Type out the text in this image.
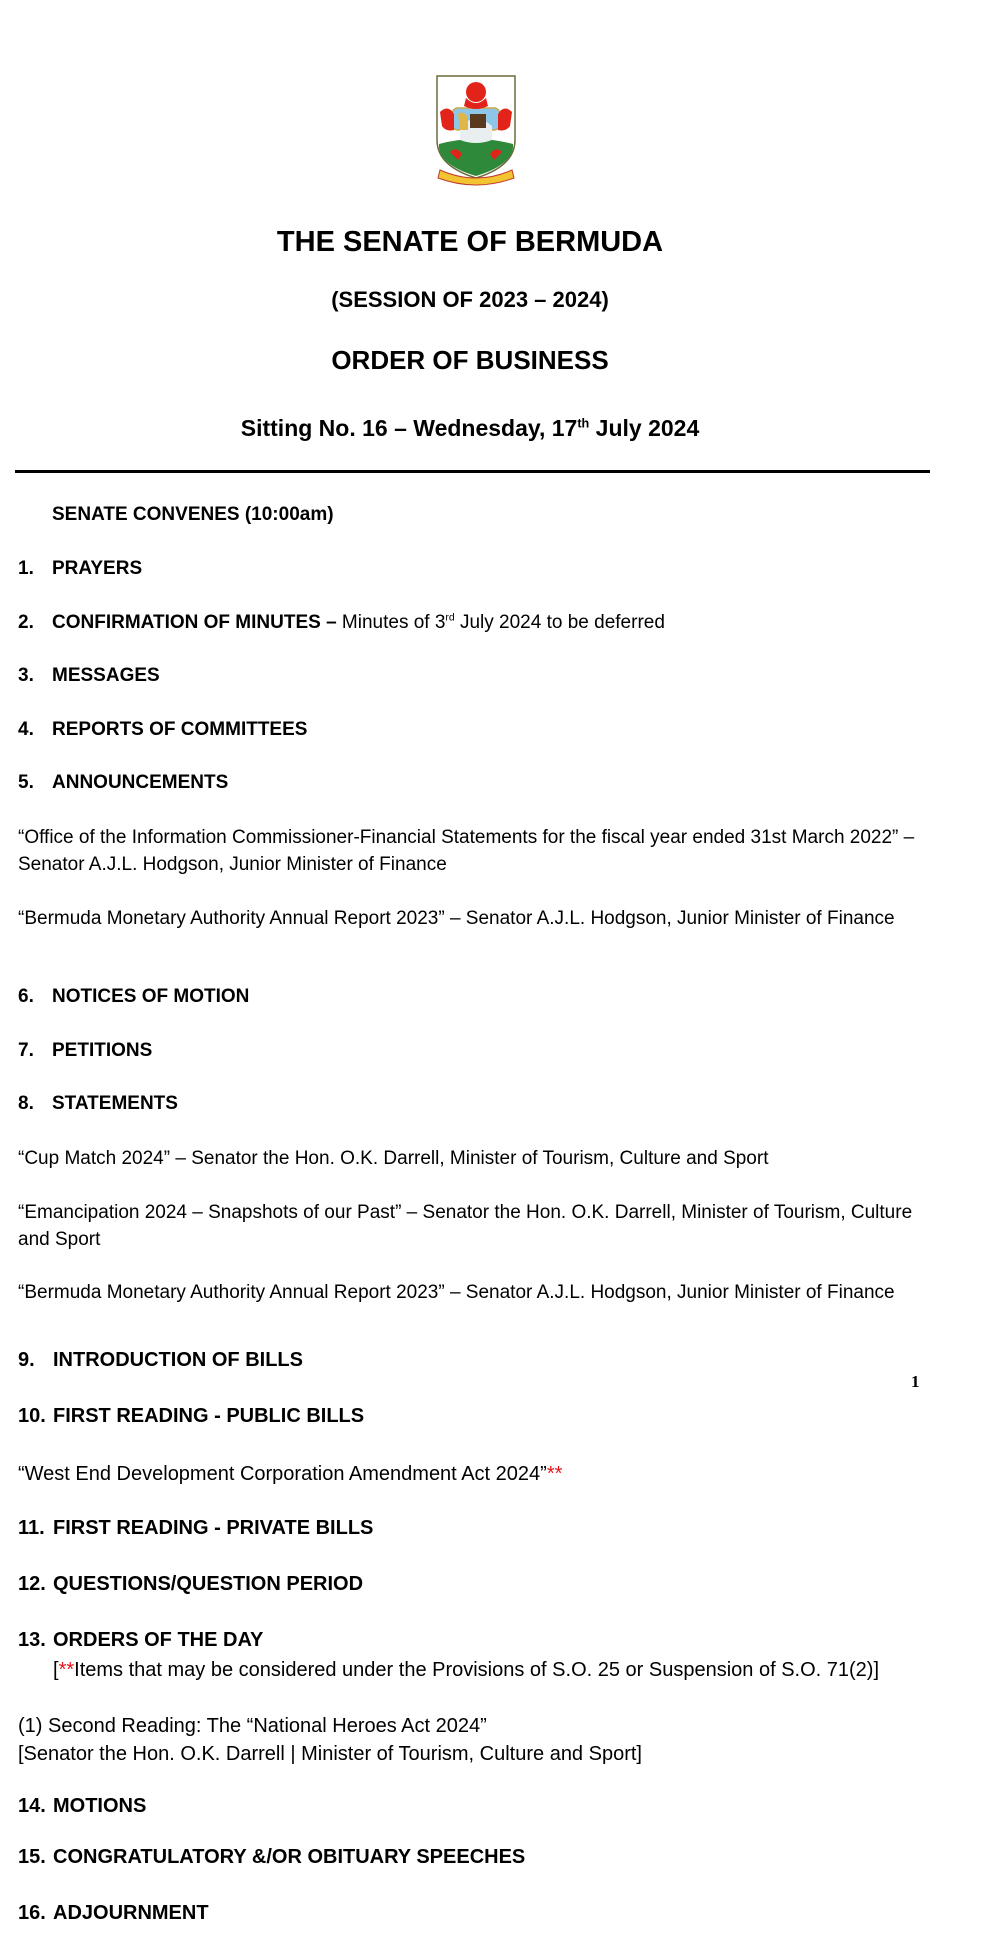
THE SENATE OF BERMUDA
(SESSION OF 2023 – 2024)
ORDER OF BUSINESS
Sitting No. 16 – Wednesday, 17th July 2024
SENATE CONVENES (10:00am)
1. PRAYERS
2. CONFIRMATION OF MINUTES – Minutes of 3rd July 2024 to be deferred
3. MESSAGES
4. REPORTS OF COMMITTEES
5. ANNOUNCEMENTS
“Office of the Information Commissioner-Financial Statements for the fiscal year ended 31st March 2022” – Senator A.J.L. Hodgson, Junior Minister of Finance
“Bermuda Monetary Authority Annual Report 2023” – Senator A.J.L. Hodgson, Junior Minister of Finance
6. NOTICES OF MOTION
7. PETITIONS
8. STATEMENTS
“Cup Match 2024” – Senator the Hon. O.K. Darrell, Minister of Tourism, Culture and Sport
“Emancipation 2024 – Snapshots of our Past” – Senator the Hon. O.K. Darrell, Minister of Tourism, Culture and Sport
“Bermuda Monetary Authority Annual Report 2023” – Senator A.J.L. Hodgson, Junior Minister of Finance
9. INTRODUCTION OF BILLS
1
10. FIRST READING - PUBLIC BILLS
“West End Development Corporation Amendment Act 2024”**
11. FIRST READING - PRIVATE BILLS
12. QUESTIONS/QUESTION PERIOD
13. ORDERS OF THE DAY
[**Items that may be considered under the Provisions of S.O. 25 or Suspension of S.O. 71(2)]
(1) Second Reading: The “National Heroes Act 2024”
[Senator the Hon. O.K. Darrell | Minister of Tourism, Culture and Sport]
14. MOTIONS
15. CONGRATULATORY &/OR OBITUARY SPEECHES
16. ADJOURNMENT
